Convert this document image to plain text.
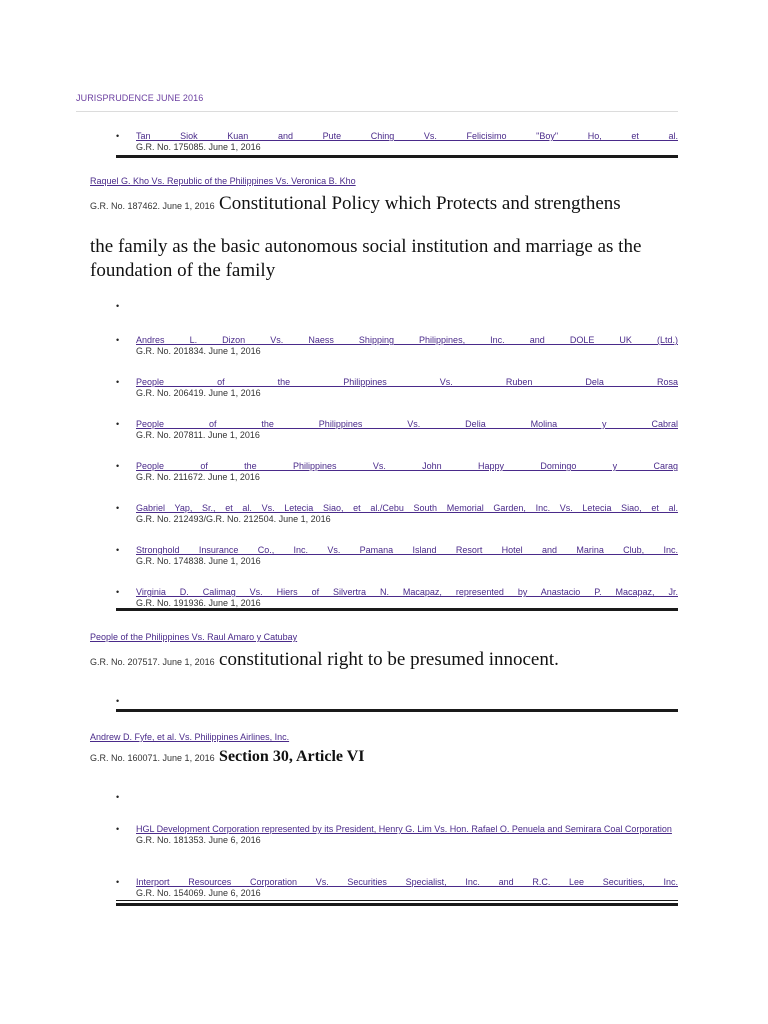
JURISPRUDENCE JUNE 2016
• Tan Siok Kuan and Pute Ching Vs. Felicisimo "Boy" Ho, et al.
G.R. No. 175085. June 1, 2016
Raquel G. Kho Vs. Republic of the Philippines Vs. Veronica B. Kho
G.R. No. 187462. June 1, 2016 Constitutional Policy which Protects and strengthens
the family as the basic autonomous social institution and marriage as the foundation of the family
•
• Andres L. Dizon Vs. Naess Shipping Philippines, Inc. and DOLE UK (Ltd.)
G.R. No. 201834. June 1, 2016
• People of the Philippines Vs. Ruben Dela Rosa
G.R. No. 206419. June 1, 2016
• People of the Philippines Vs. Delia Molina y Cabral
G.R. No. 207811. June 1, 2016
• People of the Philippines Vs. John Happy Domingo y Carag
G.R. No. 211672. June 1, 2016
• Gabriel Yap, Sr., et al. Vs. Letecia Siao, et al./Cebu South Memorial Garden, Inc. Vs. Letecia Siao, et al.
G.R. No. 212493/G.R. No. 212504. June 1, 2016
• Stronghold Insurance Co., Inc. Vs. Pamana Island Resort Hotel and Marina Club, Inc.
G.R. No. 174838. June 1, 2016
• Virginia D. Calimag Vs. Hiers of Silvertra N. Macapaz, represented by Anastacio P. Macapaz, Jr.
G.R. No. 191936. June 1, 2016
People of the Philippines Vs. Raul Amaro y Catubay
G.R. No. 207517. June 1, 2016 constitutional right to be presumed innocent.
•
Andrew D. Fyfe, et al. Vs. Philippines Airlines, Inc.
G.R. No. 160071. June 1, 2016 Section 30, Article VI
•
• HGL Development Corporation represented by its President, Henry G. Lim Vs. Hon. Rafael O. Penuela and Semirara Coal Corporation
G.R. No. 181353. June 6, 2016
• Interport Resources Corporation Vs. Securities Specialist, Inc. and R.C. Lee Securities, Inc.
G.R. No. 154069. June 6, 2016
